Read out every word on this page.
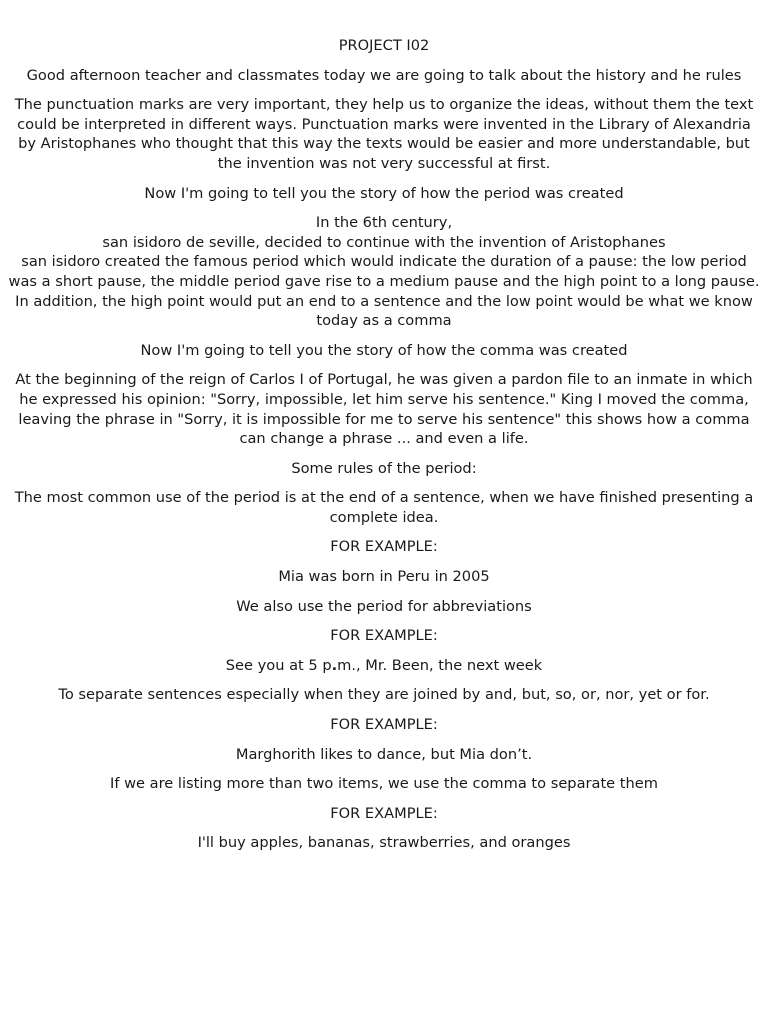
PROJECT I02

Good afternoon teacher and classmates today we are going to talk about the history and he rules

The punctuation marks are very important, they help us to organize the ideas, without them the text could be interpreted in different ways. Punctuation marks were invented in the Library of Alexandria by Aristophanes who thought that this way the texts would be easier and more understandable, but the invention was not very successful at first.

Now I'm going to tell you the story of how the period was created

In the 6th century,
san isidoro de seville, decided to continue with the invention of Aristophanes
san isidoro created the famous period which would indicate the duration of a pause: the low period was a short pause, the middle period gave rise to a medium pause and the high point to a long pause. In addition, the high point would put an end to a sentence and the low point would be what we know today as a comma

Now I'm going to tell you the story of how the comma was created

At the beginning of the reign of Carlos I of Portugal, he was given a pardon file to an inmate in which he expressed his opinion: "Sorry, impossible, let him serve his sentence." King I moved the comma, leaving the phrase in "Sorry, it is impossible for me to serve his sentence" this shows how a comma can change a phrase ... and even a life.

Some rules of the period:

The most common use of the period is at the end of a sentence, when we have finished presenting a complete idea.

FOR EXAMPLE:

Mia was born in Peru in 2005

We also use the period for abbreviations

FOR EXAMPLE:

See you at 5 p.m., Mr. Been, the next week

To separate sentences especially when they are joined by and, but, so, or, nor, yet or for.

FOR EXAMPLE:

Marghorith likes to dance, but Mia don’t.

If we are listing more than two items, we use the comma to separate them

FOR EXAMPLE:

I'll buy apples, bananas, strawberries, and oranges
